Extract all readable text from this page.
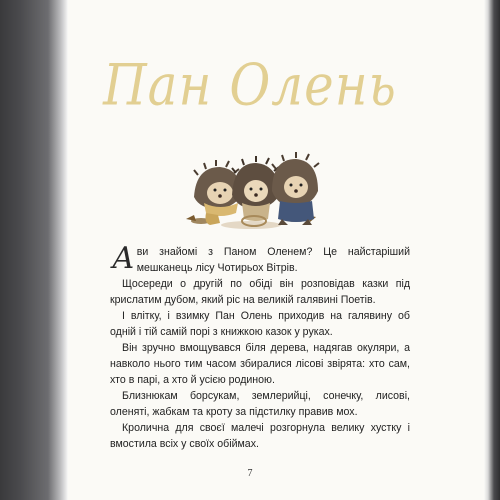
Пан Олень

А ви знайомі з Паном Оленем? Це найстаріший мешканець лісу Чотирьох Вітрів.

Щосереди о другій по обіді він розповідав казки під крислатим дубом, який ріс на великій галявині Поетів.

І влітку, і взимку Пан Олень приходив на галявину об одній і тій самій порі з книжкою казок у руках.

Він зручно вмощувався біля дерева, надягав окуляри, а навколо нього тим часом збиралися лісові звірята: хто сам, хто в парі, а хто й усією родиною.

Близнюкам борсукам, землерийці, сонечку, лисові, оленяті, жабкам та кроту за підстилку правив мох.

Кролична для своєї малечі розгорнула велику хустку і вмостила всіх у своїх обіймах.

7
